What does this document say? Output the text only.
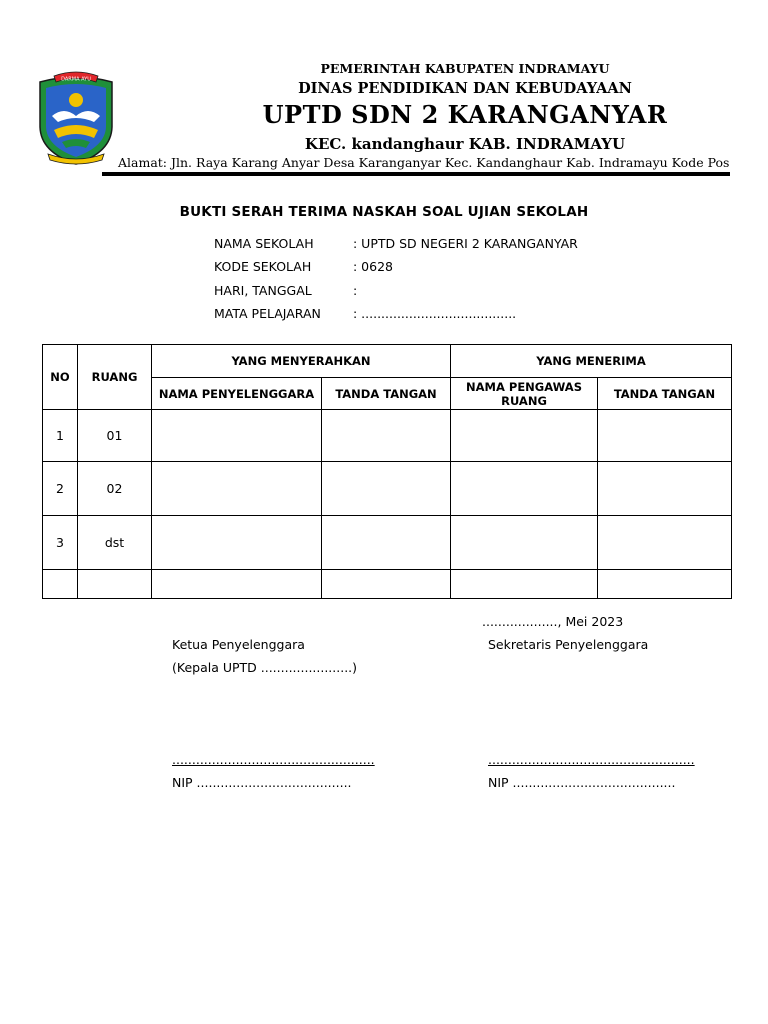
DARMA AYU
PEMERINTAH KABUPATEN INDRAMAYU
DINAS PENDIDIKAN DAN KEBUDAYAAN
UPTD SDN 2 KARANGANYAR
KEC. kandanghaur KAB. INDRAMAYU
Alamat: Jln. Raya Karang Anyar Desa Karanganyar Kec. Kandanghaur Kab. Indramayu Kode Pos
BUKTI SERAH TERIMA NASKAH SOAL UJIAN SEKOLAH
NAMA SEKOLAH	: UPTD SD NEGERI 2 KARANGANYAR
KODE SEKOLAH	: 0628
HARI, TANGGAL	:
MATA PELAJARAN	: .......................................
NO	RUANG	YANG MENYERAHKAN		YANG MENERIMA	
		NAMA PENYELENGGARA	TANDA TANGAN	NAMA PENGAWAS RUANG	TANDA TANGAN
1	01				
2	02				
3	dst				

..................., Mei 2023
Ketua Penyelenggara
(Kepala UPTD .......................)
...................................................
NIP .......................................
Sekretaris Penyelenggara
....................................................
NIP .........................................
